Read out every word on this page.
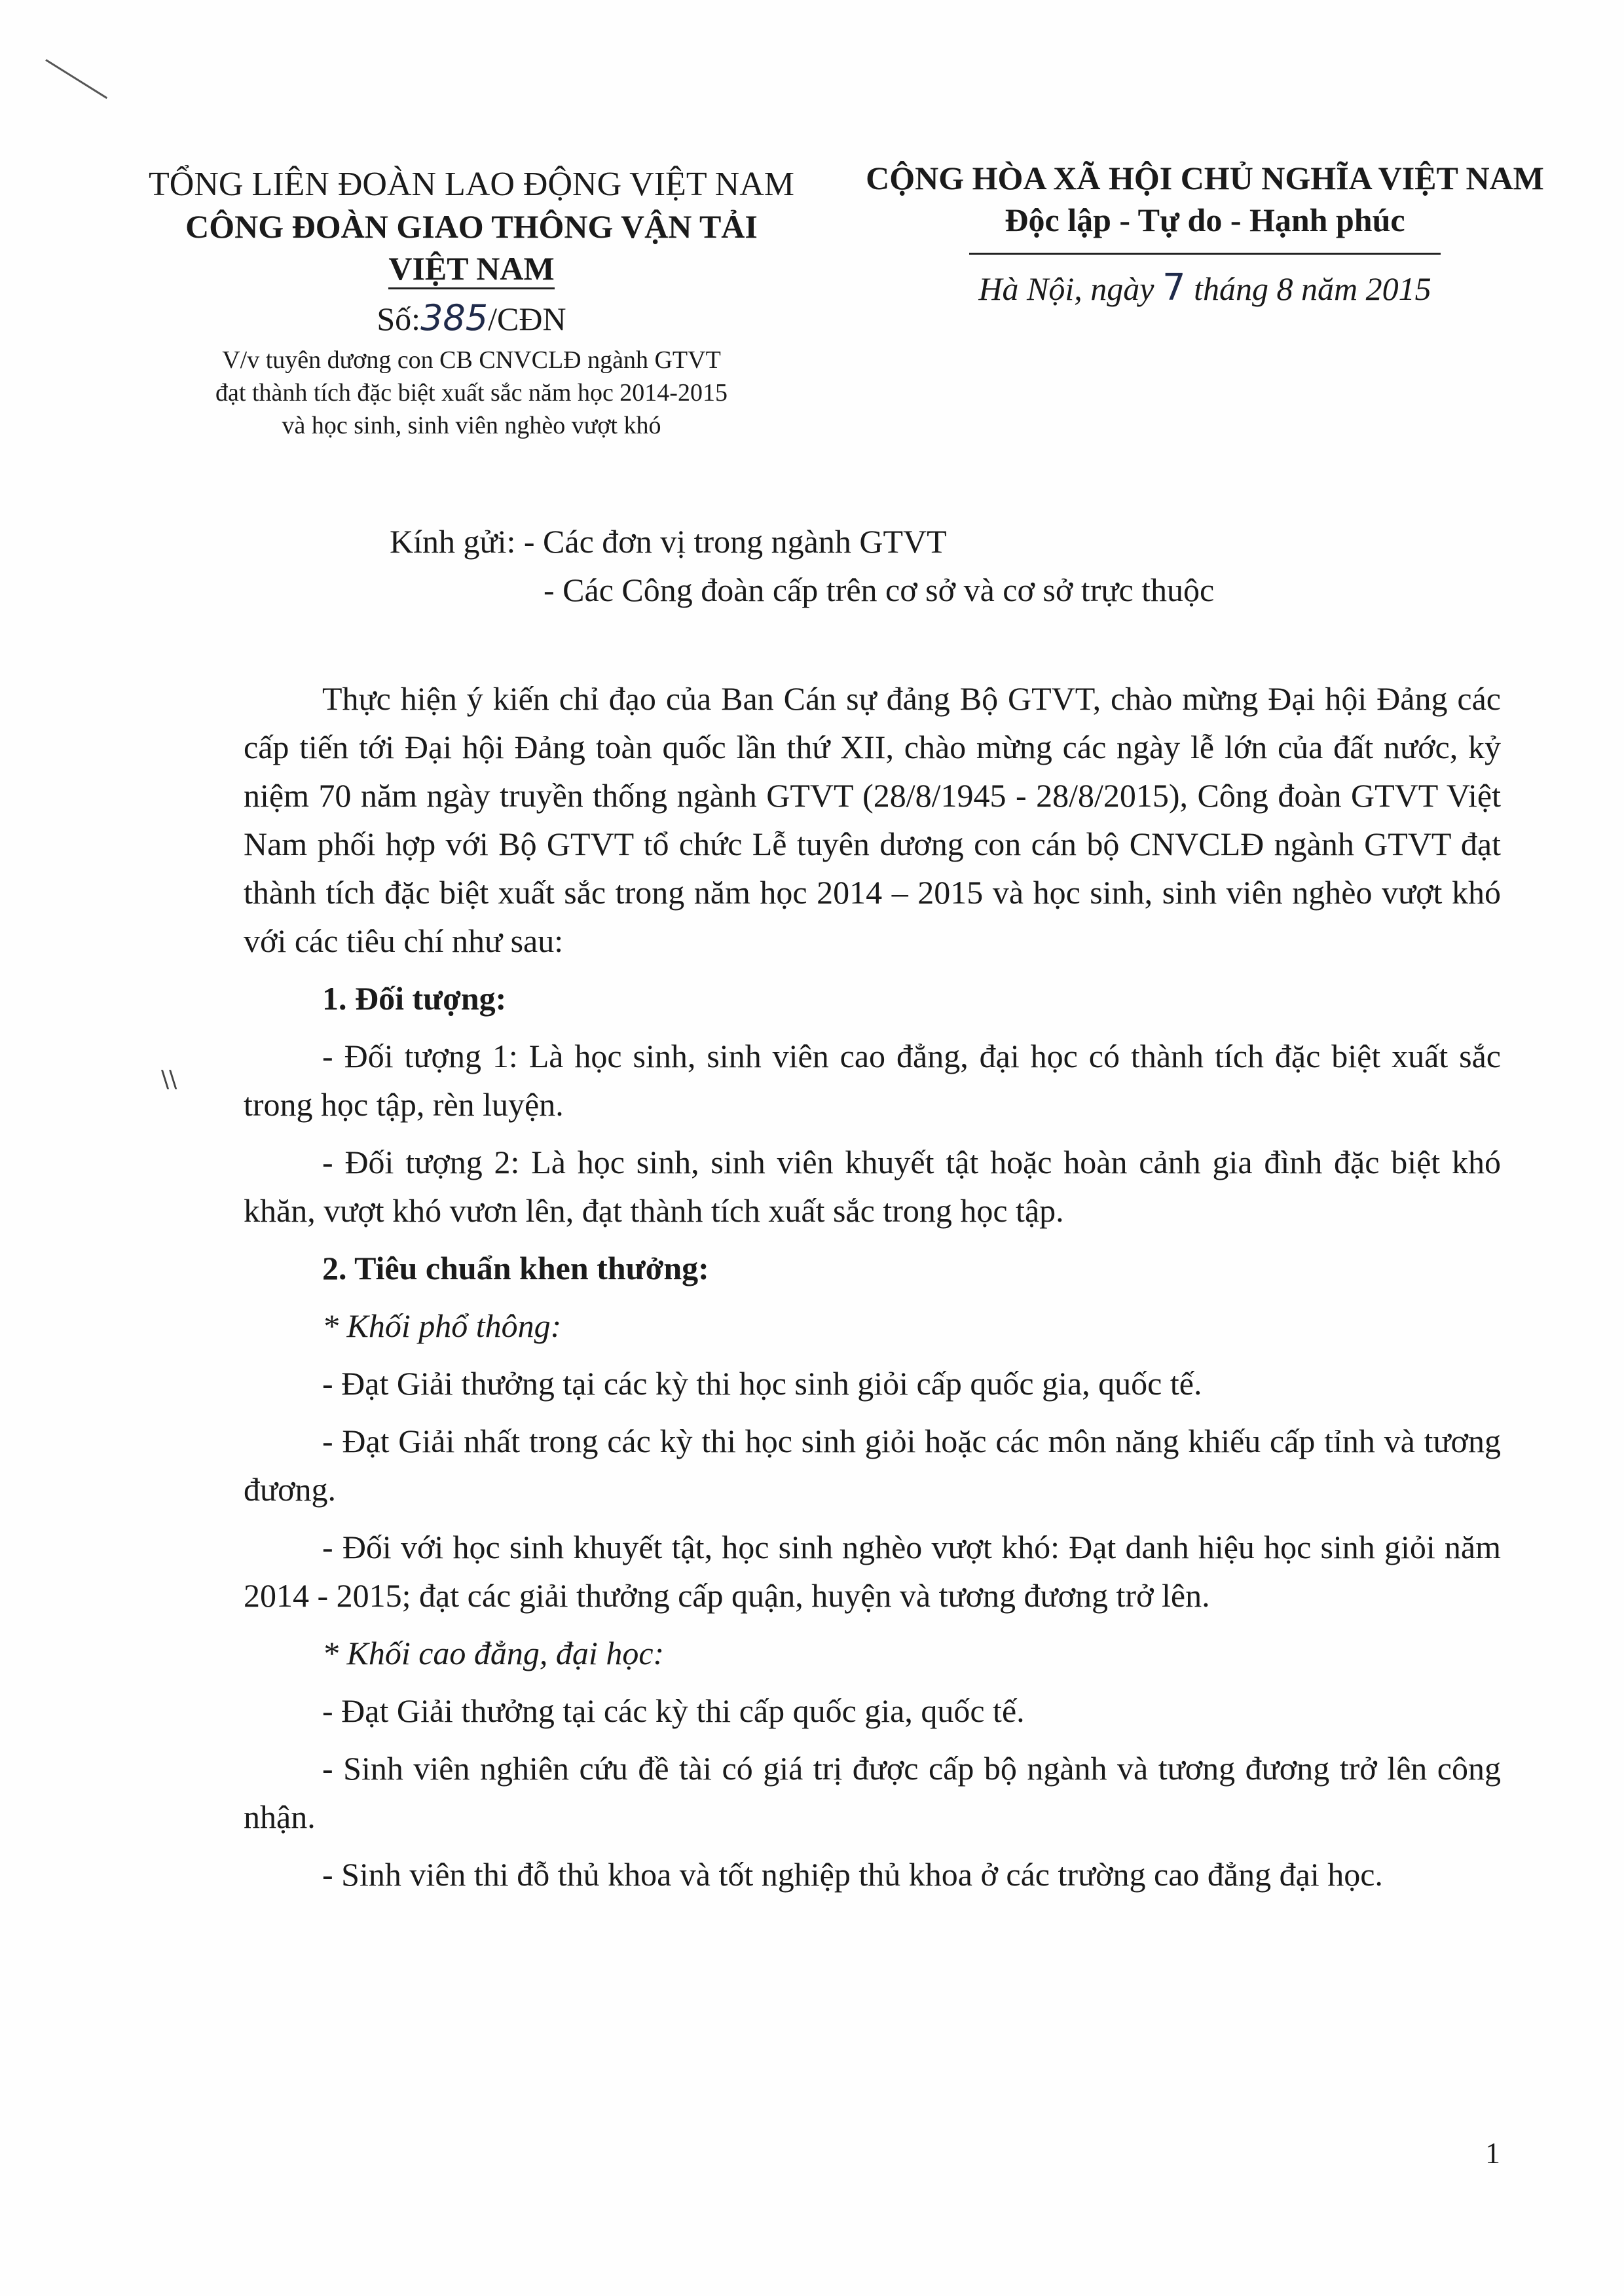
TỔNG LIÊN ĐOÀN LAO ĐỘNG VIỆT NAM
CÔNG ĐOÀN GIAO THÔNG VẬN TẢI
VIỆT NAM
Số:385/CĐN
V/v tuyên dương con CB CNVCLĐ ngành GTVT
đạt thành tích đặc biệt xuất sắc năm học 2014-2015
và học sinh, sinh viên nghèo vượt khó
CỘNG HÒA XÃ HỘI CHỦ NGHĨA VIỆT NAM
Độc lập - Tự do - Hạnh phúc
Hà Nội, ngày 7 tháng 8 năm 2015
Kính gửi: - Các đơn vị trong ngành GTVT
- Các Công đoàn cấp trên cơ sở và cơ sở trực thuộc
\\

Thực hiện ý kiến chỉ đạo của Ban Cán sự đảng Bộ GTVT, chào mừng Đại hội Đảng các cấp tiến tới Đại hội Đảng toàn quốc lần thứ XII, chào mừng các ngày lễ lớn của đất nước, kỷ niệm 70 năm ngày truyền thống ngành GTVT (28/8/1945 - 28/8/2015), Công đoàn GTVT Việt Nam phối hợp với Bộ GTVT tổ chức Lễ tuyên dương con cán bộ CNVCLĐ ngành GTVT đạt thành tích đặc biệt xuất sắc trong năm học 2014 – 2015 và học sinh, sinh viên nghèo vượt khó với các tiêu chí như sau:

1. Đối tượng:

- Đối tượng 1: Là học sinh, sinh viên cao đẳng, đại học có thành tích đặc biệt xuất sắc trong học tập, rèn luyện.

- Đối tượng 2: Là học sinh, sinh viên khuyết tật hoặc hoàn cảnh gia đình đặc biệt khó khăn, vượt khó vươn lên, đạt thành tích xuất sắc trong học tập.

2. Tiêu chuẩn khen thưởng:

* Khối phổ thông:

- Đạt Giải thưởng tại các kỳ thi học sinh giỏi cấp quốc gia, quốc tế.

- Đạt Giải nhất trong các kỳ thi học sinh giỏi hoặc các môn năng khiếu cấp tỉnh và tương đương.

- Đối với học sinh khuyết tật, học sinh nghèo vượt khó: Đạt danh hiệu học sinh giỏi năm 2014 - 2015; đạt các giải thưởng cấp quận, huyện và tương đương trở lên.

* Khối cao đẳng, đại học:

- Đạt Giải thưởng tại các kỳ thi cấp quốc gia, quốc tế.

- Sinh viên nghiên cứu đề tài có giá trị được cấp bộ ngành và tương đương trở lên công nhận.

- Sinh viên thi đỗ thủ khoa và tốt nghiệp thủ khoa ở các trường cao đẳng đại học.

1
